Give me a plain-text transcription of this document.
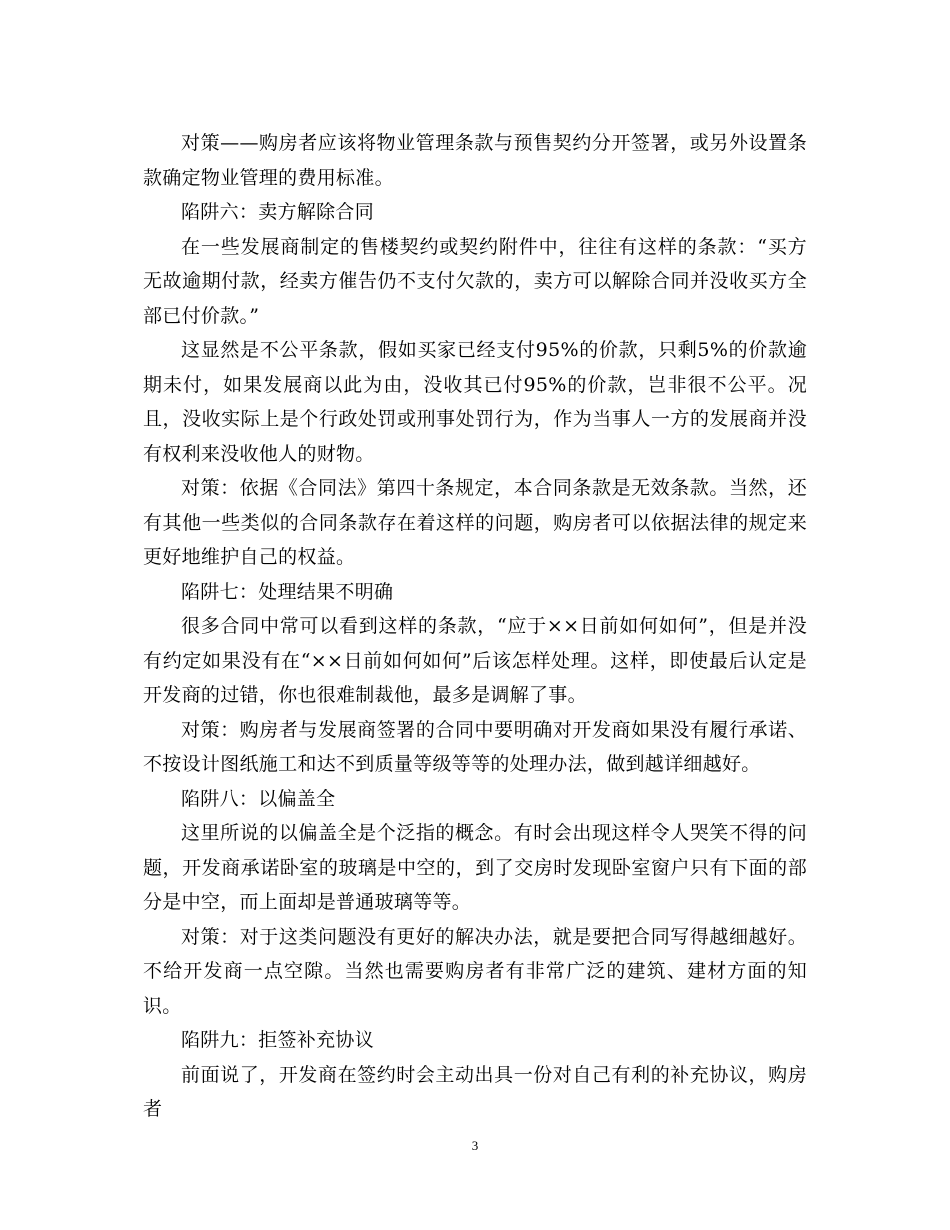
对策——购房者应该将物业管理条款与预售契约分开签署，或另外设置条款确定物业管理的费用标准。

陷阱六：卖方解除合同

在一些发展商制定的售楼契约或契约附件中，往往有这样的条款：“买方无故逾期付款，经卖方催告仍不支付欠款的，卖方可以解除合同并没收买方全部已付价款。”

这显然是不公平条款，假如买家已经支付95%的价款，只剩5%的价款逾期未付，如果发展商以此为由，没收其已付95%的价款，岂非很不公平。况且，没收实际上是个行政处罚或刑事处罚行为，作为当事人一方的发展商并没有权利来没收他人的财物。

对策：依据《合同法》第四十条规定，本合同条款是无效条款。当然，还有其他一些类似的合同条款存在着这样的问题，购房者可以依据法律的规定来更好地维护自己的权益。

陷阱七：处理结果不明确

很多合同中常可以看到这样的条款，“应于××日前如何如何”，但是并没有约定如果没有在“××日前如何如何”后该怎样处理。这样，即使最后认定是开发商的过错，你也很难制裁他，最多是调解了事。

对策：购房者与发展商签署的合同中要明确对开发商如果没有履行承诺、不按设计图纸施工和达不到质量等级等等的处理办法，做到越详细越好。

陷阱八：以偏盖全

这里所说的以偏盖全是个泛指的概念。有时会出现这样令人哭笑不得的问题，开发商承诺卧室的玻璃是中空的，到了交房时发现卧室窗户只有下面的部分是中空，而上面却是普通玻璃等等。

对策：对于这类问题没有更好的解决办法，就是要把合同写得越细越好。不给开发商一点空隙。当然也需要购房者有非常广泛的建筑、建材方面的知识。

陷阱九：拒签补充协议

前面说了，开发商在签约时会主动出具一份对自己有利的补充协议，购房者

3
